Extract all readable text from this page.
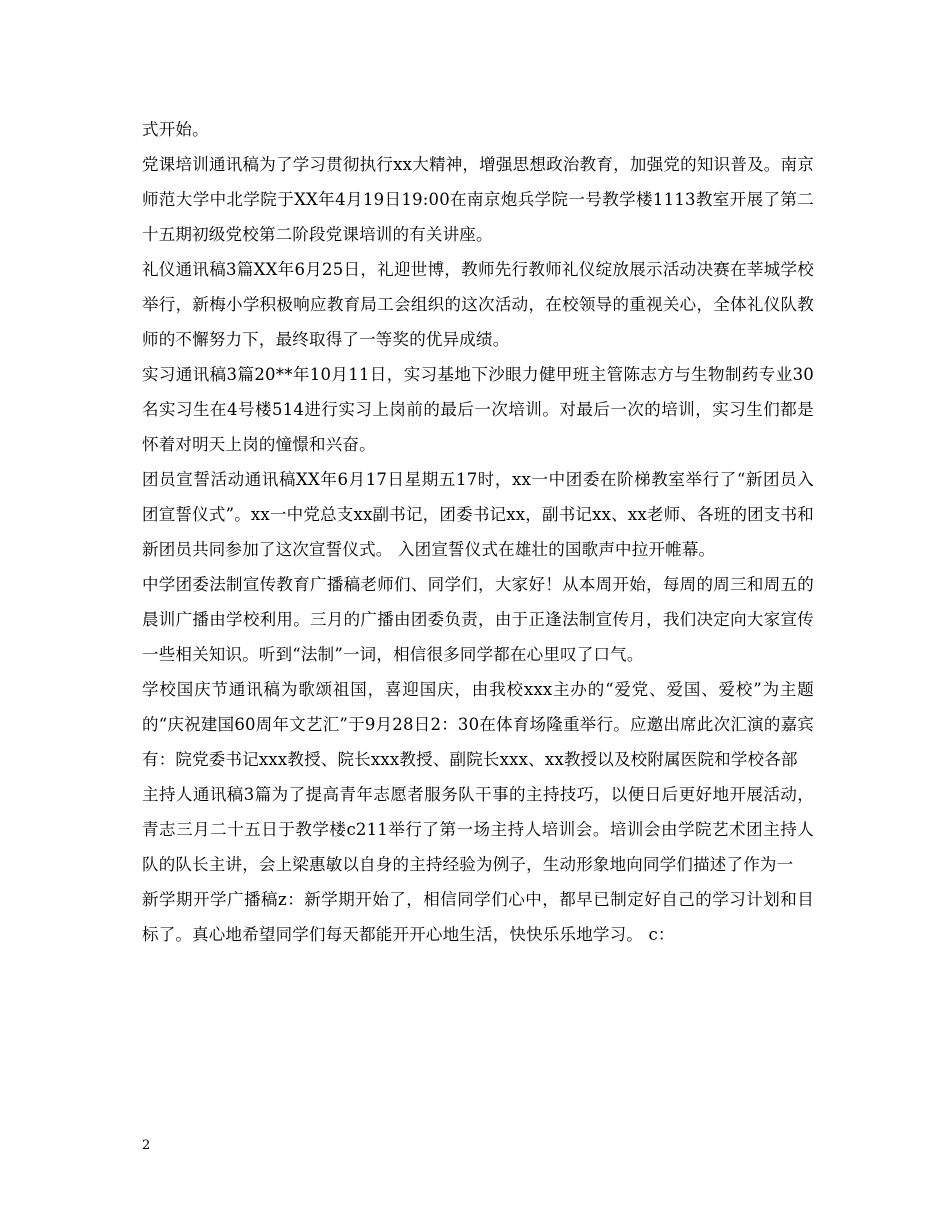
式开始。

党课培训通讯稿为了学习贯彻执行xx大精神，增强思想政治教育，加强党的知识普及。南京师范大学中北学院于XX年4月19日19:00在南京炮兵学院一号教学楼1113教室开展了第二十五期初级党校第二阶段党课培训的有关讲座。

礼仪通讯稿3篇XX年6月25日，礼迎世博，教师先行教师礼仪绽放展示活动决赛在莘城学校举行，新梅小学积极响应教育局工会组织的这次活动，在校领导的重视关心，全体礼仪队教师的不懈努力下，最终取得了一等奖的优异成绩。

实习通讯稿3篇20**年10月11日，实习基地下沙眼力健甲班主管陈志方与生物制药专业30名实习生在4号楼514进行实习上岗前的最后一次培训。对最后一次的培训，实习生们都是怀着对明天上岗的憧憬和兴奋。

团员宣誓活动通讯稿XX年6月17日星期五17时，xx一中团委在阶梯教室举行了“新团员入团宣誓仪式”。xx一中党总支xx副书记，团委书记xx，副书记xx、xx老师、各班的团支书和新团员共同参加了这次宣誓仪式。 入团宣誓仪式在雄壮的国歌声中拉开帷幕。

中学团委法制宣传教育广播稿老师们、同学们，大家好！从本周开始，每周的周三和周五的晨训广播由学校利用。三月的广播由团委负责，由于正逢法制宣传月，我们决定向大家宣传一些相关知识。听到“法制”一词，相信很多同学都在心里叹了口气。

学校国庆节通讯稿为歌颂祖国，喜迎国庆，由我校xxx主办的“爱党、爱国、爱校”为主题的“庆祝建国60周年文艺汇”于9月28日2：30在体育场隆重举行。应邀出席此次汇演的嘉宾有：院党委书记xxx教授、院长xxx教授、副院长xxx、xx教授以及校附属医院和学校各部

主持人通讯稿3篇为了提高青年志愿者服务队干事的主持技巧，以便日后更好地开展活动，青志三月二十五日于教学楼c211举行了第一场主持人培训会。培训会由学院艺术团主持人队的队长主讲，会上梁惠敏以自身的主持经验为例子，生动形象地向同学们描述了作为一

新学期开学广播稿z：新学期开始了，相信同学们心中，都早已制定好自己的学习计划和目标了。真心地希望同学们每天都能开开心地生活，快快乐乐地学习。 c：

2
